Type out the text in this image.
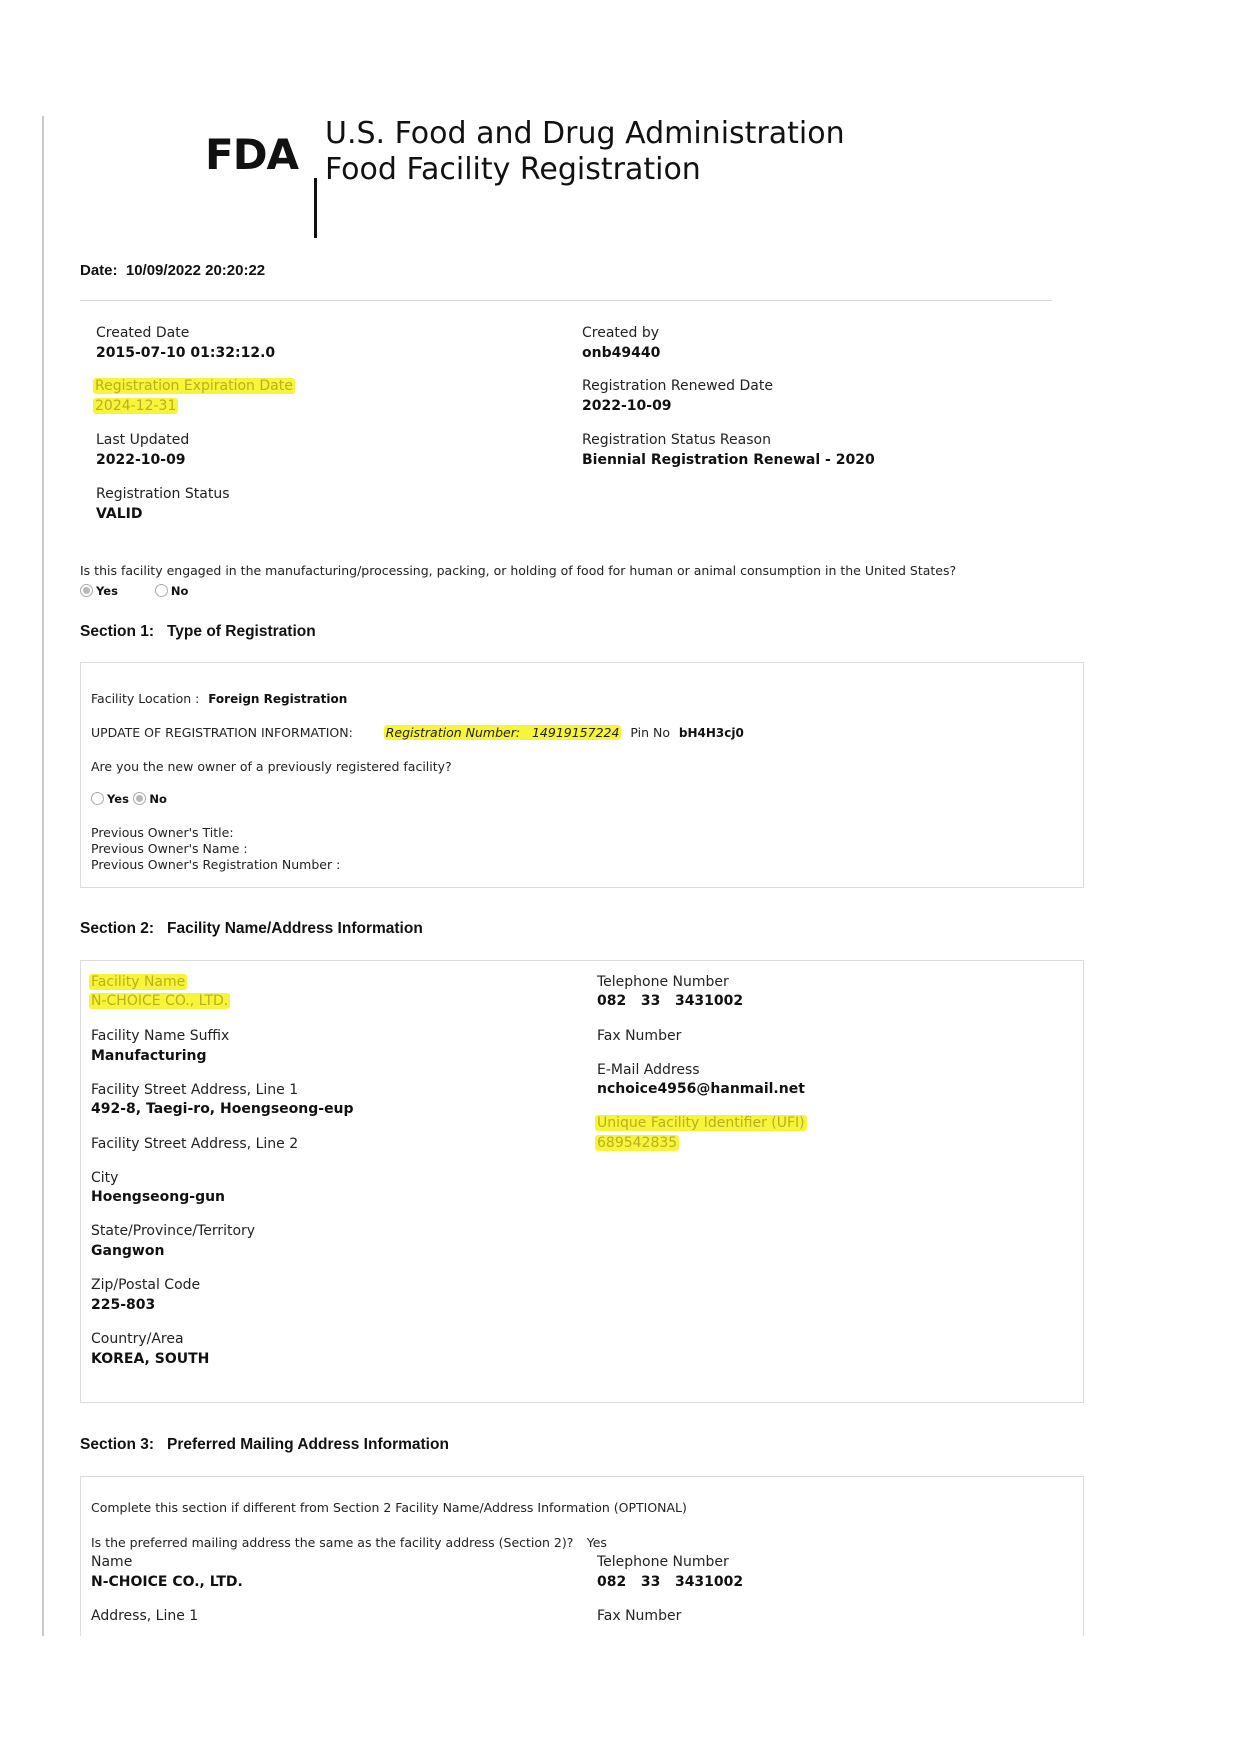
FDA U.S. Food and Drug Administration
Food Facility Registration
Date: 10/09/2022 20:20:22
Created Date
2015-07-10 01:32:12.0
Created by
onb49440
Registration Expiration Date
2024-12-31
Registration Renewed Date
2022-10-09
Last Updated
2022-10-09
Registration Status Reason
Biennial Registration Renewal - 2020
Registration Status
VALID
Is this facility engaged in the manufacturing/processing, packing, or holding of food for human or animal consumption in the United States?
Yes	No
Section 1:   Type of Registration
Facility Location : Foreign Registration
UPDATE OF REGISTRATION INFORMATION:	Registration Number: 14919157224 Pin No bH4H3cj0
Are you the new owner of a previously registered facility?
Yes No
Previous Owner's Title:
Previous Owner's Name :
Previous Owner's Registration Number :
Section 2:   Facility Name/Address Information
Facility Name
N-CHOICE CO., LTD.
Facility Name Suffix
Manufacturing
Facility Street Address, Line 1
492-8, Taegi-ro, Hoengseong-eup
Facility Street Address, Line 2
City
Hoengseong-gun
State/Province/Territory
Gangwon
Zip/Postal Code
225-803
Country/Area
KOREA, SOUTH
Telephone Number
082   33   3431002
Fax Number
E-Mail Address
nchoice4956@hanmail.net
Unique Facility Identifier (UFI)
689542835
Section 3:   Preferred Mailing Address Information
Complete this section if different from Section 2 Facility Name/Address Information (OPTIONAL)
Is the preferred mailing address the same as the facility address (Section 2)? Yes
Name
N-CHOICE CO., LTD.
Address, Line 1
Telephone Number
082   33   3431002
Fax Number
